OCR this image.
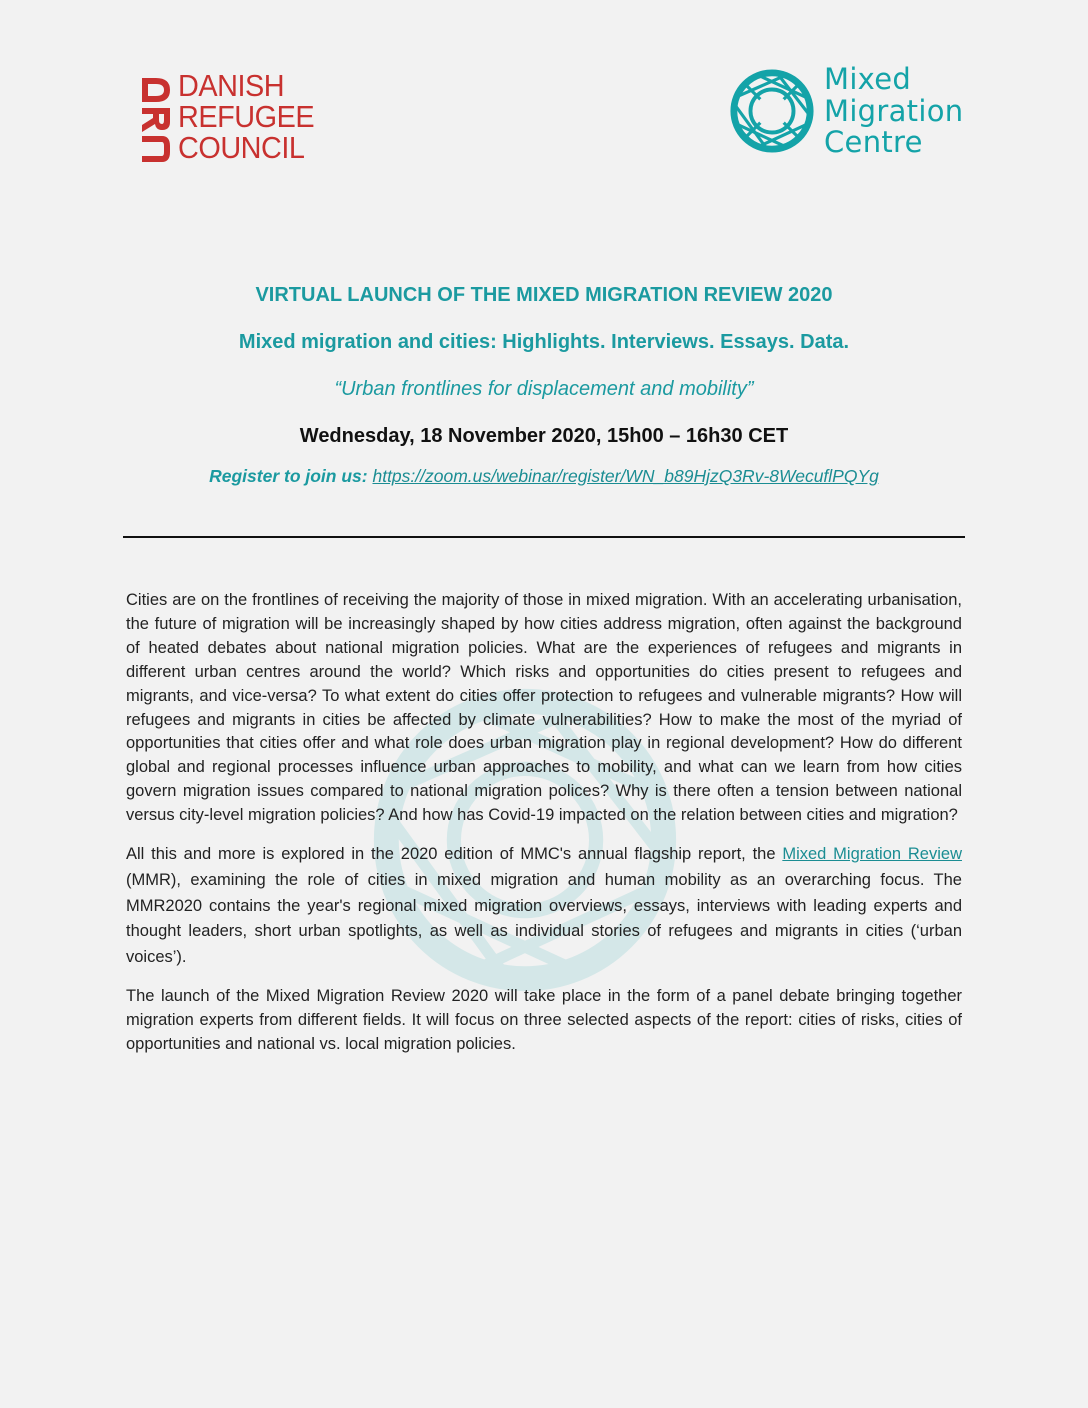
DANISH
REFUGEE
COUNCIL
Mixed
Migration
Centre
VIRTUAL LAUNCH OF THE MIXED MIGRATION REVIEW 2020
Mixed migration and cities: Highlights. Interviews. Essays. Data.
“Urban frontlines for displacement and mobility”
Wednesday, 18 November 2020, 15h00 – 16h30 CET
Register to join us: https://zoom.us/webinar/register/WN_b89HjzQ3Rv-8WecuflPQYg

Cities are on the frontlines of receiving the majority of those in mixed migration. With an accelerating urbanisation, the future of migration will be increasingly shaped by how cities address migration, often against the background of heated debates about national migration policies. What are the experiences of refugees and migrants in different urban centres around the world? Which risks and opportunities do cities present to refugees and migrants, and vice-versa? To what extent do cities offer protection to refugees and vulnerable migrants? How will refugees and migrants in cities be affected by climate vulnerabilities? How to make the most of the myriad of opportunities that cities offer and what role does urban migration play in regional development? How do different global and regional processes influence urban approaches to mobility, and what can we learn from how cities govern migration issues compared to national migration polices? Why is there often a tension between national versus city-level migration policies? And how has Covid-19 impacted on the relation between cities and migration?

All this and more is explored in the 2020 edition of MMC's annual flagship report, the Mixed Migration Review (MMR), examining the role of cities in mixed migration and human mobility as an overarching focus. The MMR2020 contains the year's regional mixed migration overviews, essays, interviews with leading experts and thought leaders, short urban spotlights, as well as individual stories of refugees and migrants in cities (‘urban voices’).

The launch of the Mixed Migration Review 2020 will take place in the form of a panel debate bringing together migration experts from different fields. It will focus on three selected aspects of the report: cities of risks, cities of opportunities and national vs. local migration policies.
